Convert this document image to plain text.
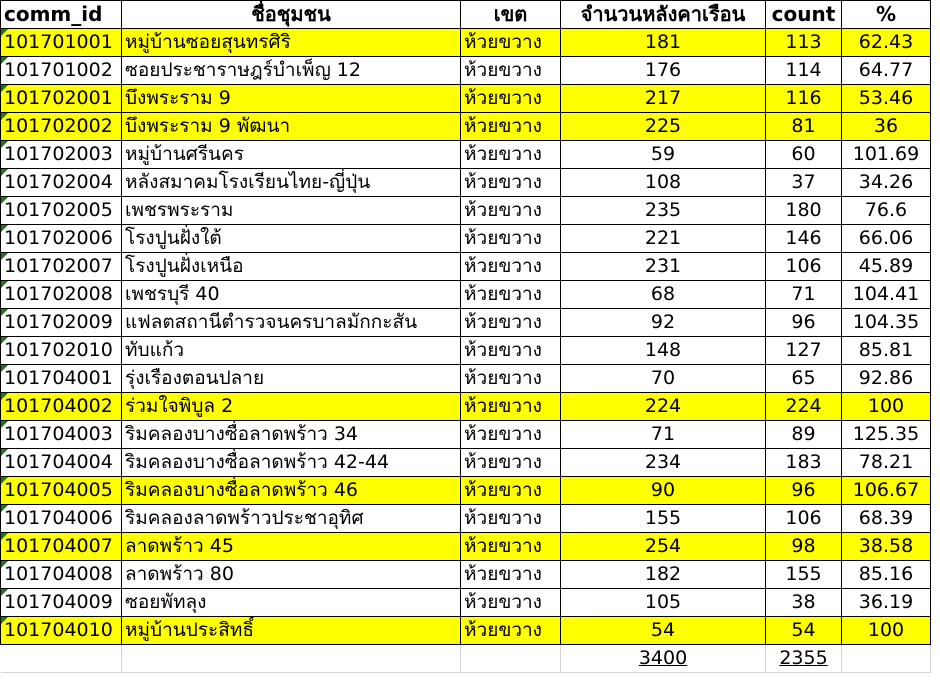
comm_id	ชื่อชุมชน	เขต	จำนวนหลังคาเรือน	count	%

101701001	หมู่บ้านซอยสุนทรศิริ	ห้วยขวาง	181	113	62.43

101701002	ซอยประชาราษฎร์บำเพ็ญ 12	ห้วยขวาง	176	114	64.77

101702001	บึงพระราม 9	ห้วยขวาง	217	116	53.46

101702002	บึงพระราม 9 พัฒนา	ห้วยขวาง	225	81	36

101702003	หมู่บ้านศรีนคร	ห้วยขวาง	59	60	101.69

101702004	หลังสมาคมโรงเรียนไทย-ญี่ปุ่น	ห้วยขวาง	108	37	34.26

101702005	เพชรพระราม	ห้วยขวาง	235	180	76.6

101702006	โรงปูนฝั่งใต้	ห้วยขวาง	221	146	66.06

101702007	โรงปูนฝั่งเหนือ	ห้วยขวาง	231	106	45.89

101702008	เพชรบุรี 40	ห้วยขวาง	68	71	104.41

101702009	แฟลตสถานีตำรวจนครบาลมักกะสัน	ห้วยขวาง	92	96	104.35

101702010	ทับแก้ว	ห้วยขวาง	148	127	85.81

101704001	รุ่งเรืองตอนปลาย	ห้วยขวาง	70	65	92.86

101704002	ร่วมใจพิบูล 2	ห้วยขวาง	224	224	100

101704003	ริมคลองบางซื่อลาดพร้าว 34	ห้วยขวาง	71	89	125.35

101704004	ริมคลองบางซื่อลาดพร้าว 42-44	ห้วยขวาง	234	183	78.21

101704005	ริมคลองบางซื่อลาดพร้าว 46	ห้วยขวาง	90	96	106.67

101704006	ริมคลองลาดพร้าวประชาอุทิศ	ห้วยขวาง	155	106	68.39

101704007	ลาดพร้าว 45	ห้วยขวาง	254	98	38.58

101704008	ลาดพร้าว 80	ห้วยขวาง	182	155	85.16

101704009	ซอยพัทลุง	ห้วยขวาง	105	38	36.19

101704010	หมู่บ้านประสิทธิ์	ห้วยขวาง	54	54	100
			3400	2355	
